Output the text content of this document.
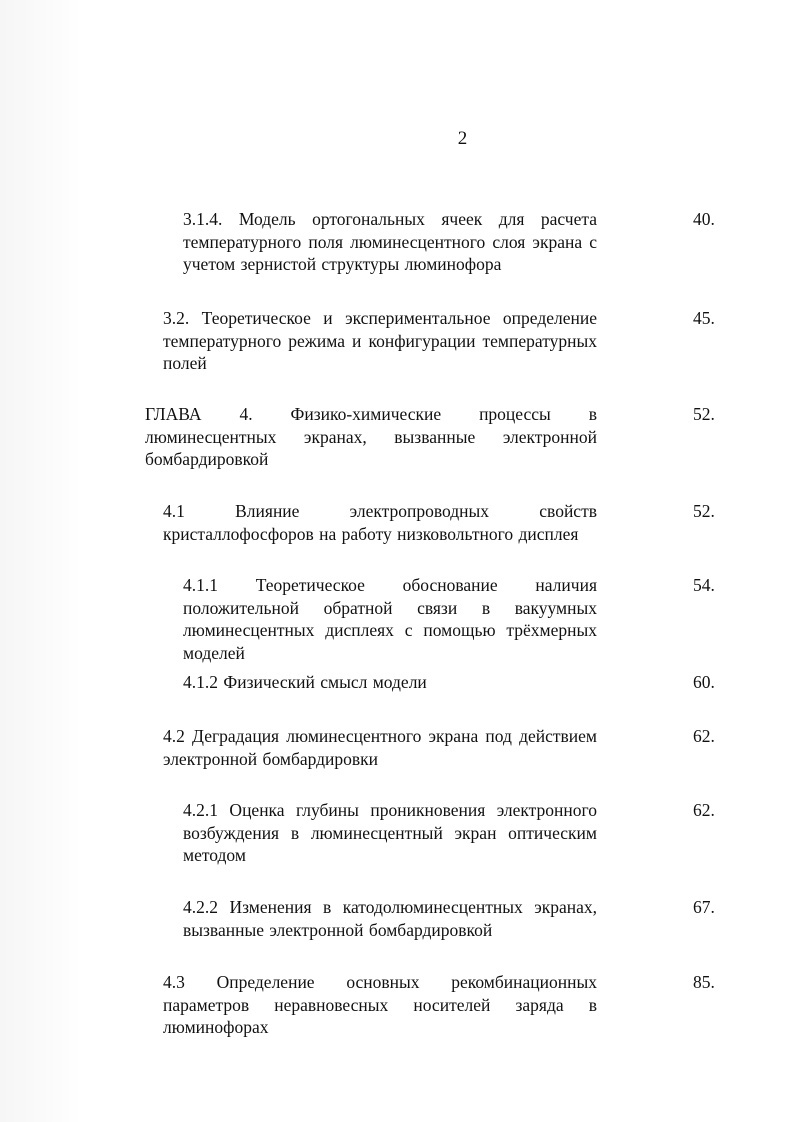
2
3.1.4. Модель ортогональных ячеек для расчета температурного поля люминесцентного слоя экрана с учетом зернистой структуры люминофора
40.
3.2. Теоретическое и экспериментальное определение температурного режима и конфигурации температурных полей
45.
ГЛАВА 4. Физико-химические процессы в люминесцентных экранах, вызванные электронной бомбардировкой
52.
4.1 Влияние электропроводных свойств кристаллофосфоров на работу низковольтного дисплея
52.
4.1.1 Теоретическое обоснование наличия положительной обратной связи в вакуумных люминесцентных дисплеях с помощью трёхмерных моделей
54.
4.1.2 Физический смысл модели	60.
4.2 Деградация люминесцентного экрана под действием электронной бомбардировки
62.
4.2.1 Оценка глубины проникновения электронного возбуждения в люминесцентный экран оптическим методом
62.
4.2.2 Изменения в катодолюминесцентных экранах, вызванные электронной бомбардировкой
67.
4.3 Определение основных рекомбинационных параметров неравновесных носителей заряда в люминофорах
85.
